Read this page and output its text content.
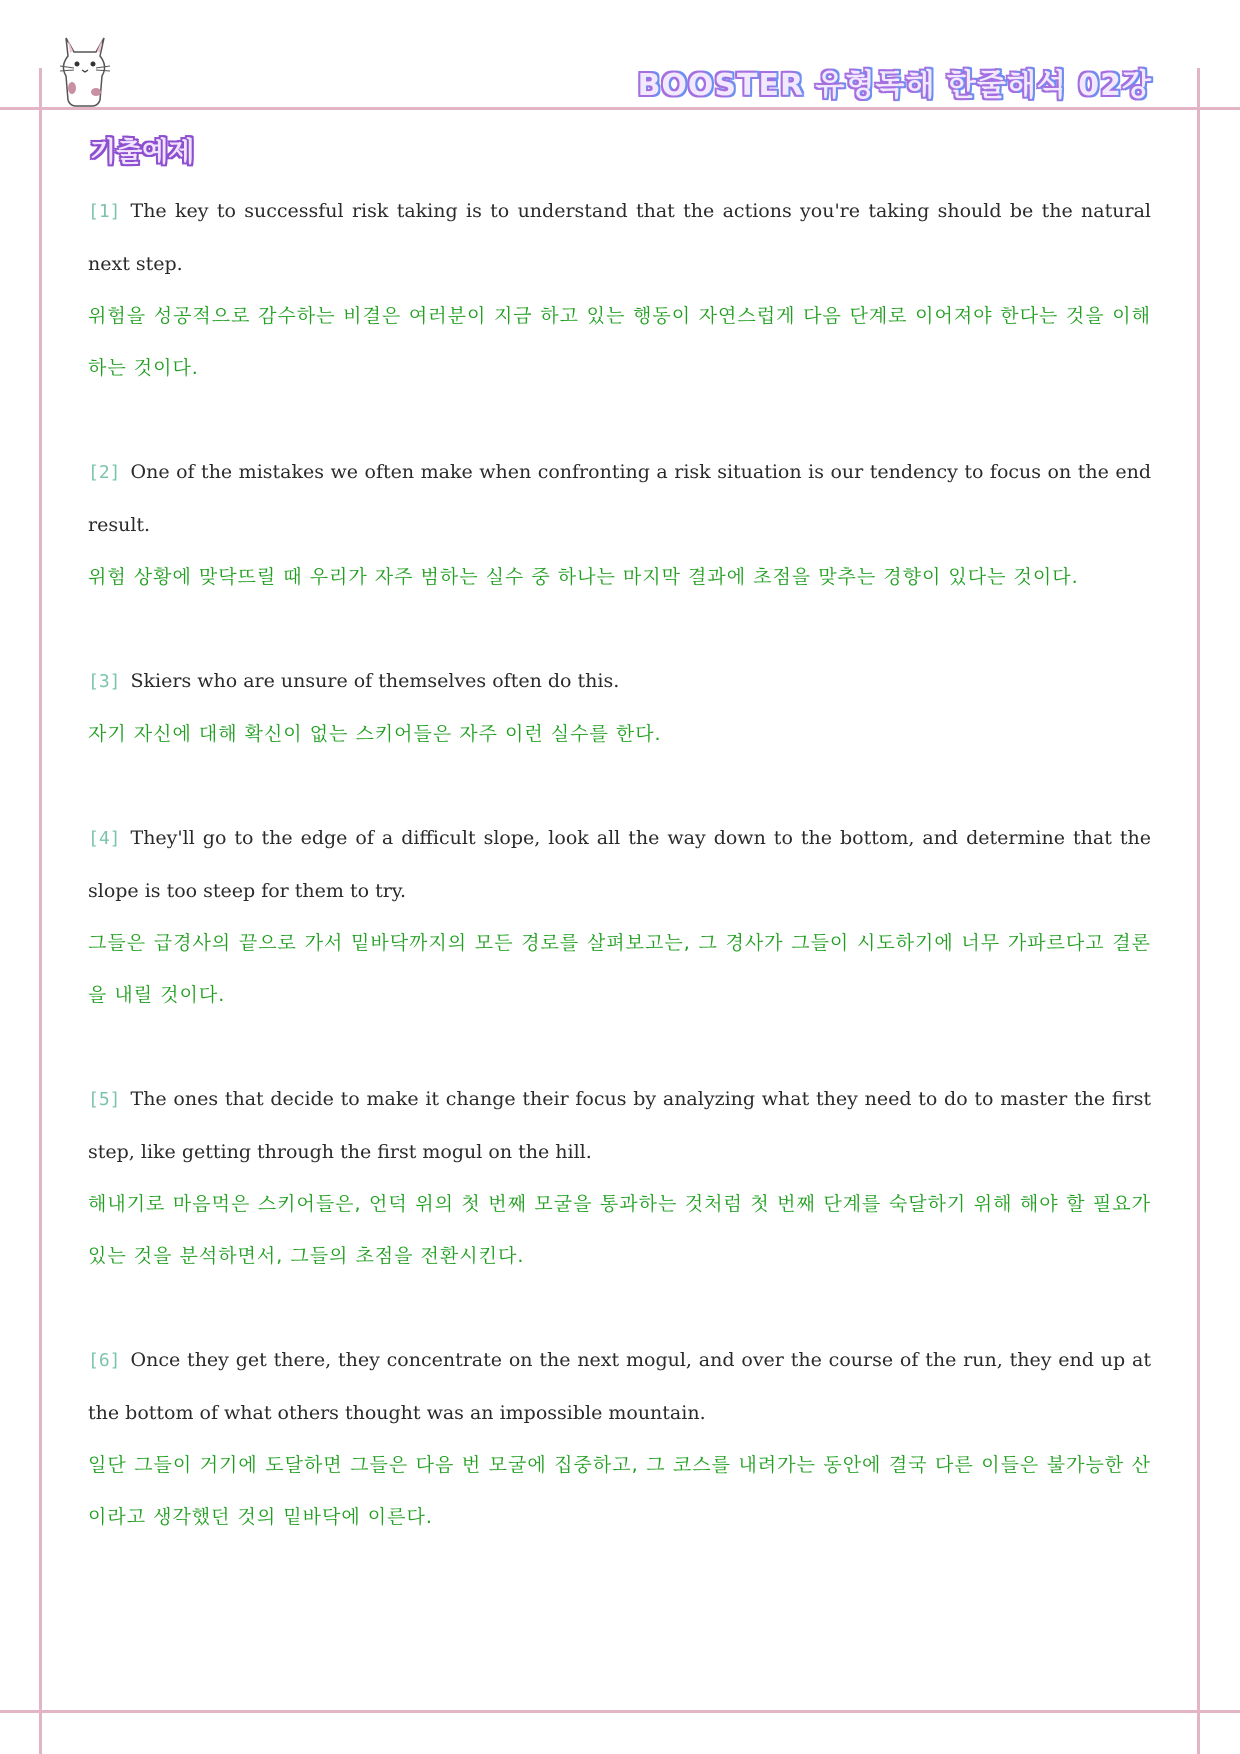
BOOSTER 유형독해 한줄해석 02강
기출예제

[1] The key to successful risk taking is to understand that the actions you're taking should be the natural next step.

위험을 성공적으로 감수하는 비결은 여러분이 지금 하고 있는 행동이 자연스럽게 다음 단계로 이어져야 한다는 것을 이해하는 것이다.

[2] One of the mistakes we often make when confronting a risk situation is our tendency to focus on the end result.

위험 상황에 맞닥뜨릴 때 우리가 자주 범하는 실수 중 하나는 마지막 결과에 초점을 맞추는 경향이 있다는 것이다.

[3] Skiers who are unsure of themselves often do this.

자기 자신에 대해 확신이 없는 스키어들은 자주 이런 실수를 한다.

[4] They'll go to the edge of a difficult slope, look all the way down to the bottom, and determine that the slope is too steep for them to try.

그들은 급경사의 끝으로 가서 밑바닥까지의 모든 경로를 살펴보고는, 그 경사가 그들이 시도하기에 너무 가파르다고 결론을 내릴 것이다.

[5] The ones that decide to make it change their focus by analyzing what they need to do to master the first step, like getting through the first mogul on the hill.

해내기로 마음먹은 스키어들은, 언덕 위의 첫 번째 모굴을 통과하는 것처럼 첫 번째 단계를 숙달하기 위해 해야 할 필요가 있는 것을 분석하면서, 그들의 초점을 전환시킨다.

[6] Once they get there, they concentrate on the next mogul, and over the course of the run, they end up at the bottom of what others thought was an impossible mountain.

일단 그들이 거기에 도달하면 그들은 다음 번 모굴에 집중하고, 그 코스를 내려가는 동안에 결국 다른 이들은 불가능한 산이라고 생각했던 것의 밑바닥에 이른다.
